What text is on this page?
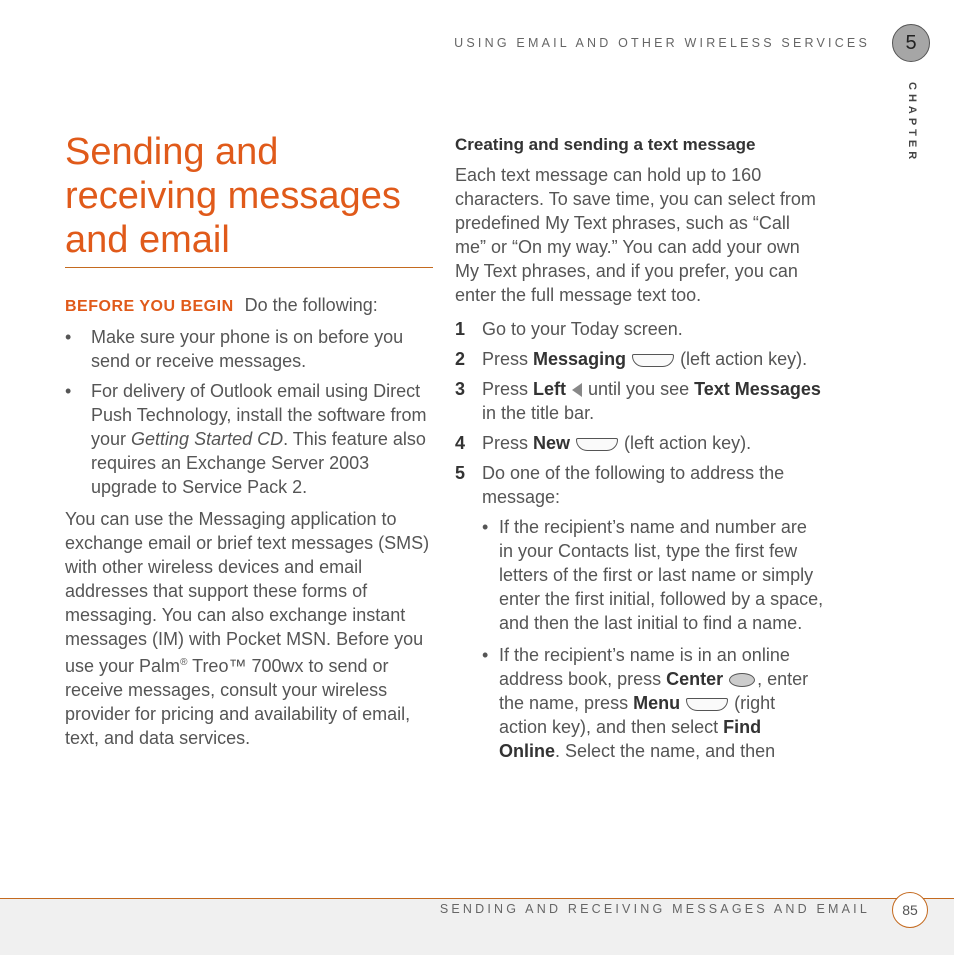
USING EMAIL AND OTHER WIRELESS SERVICES	5
CHAPTER
Sending and
receiving messages
and email

BEFORE YOU BEGIN Do the following:

• Make sure your phone is on before you send or receive messages.
• For delivery of Outlook email using Direct Push Technology, install the software from your Getting Started CD. This feature also requires an Exchange Server 2003 upgrade to Service Pack 2.

You can use the Messaging application to exchange email or brief text messages (SMS) with other wireless devices and email addresses that support these forms of messaging. You can also exchange instant messages (IM) with Pocket MSN. Before you use your Palm® Treo™ 700wx to send or receive messages, consult your wireless provider for pricing and availability of email, text, and data services.

Creating and sending a text message

Each text message can hold up to 160 characters. To save time, you can select from predefined My Text phrases, such as “Call me” or “On my way.” You can add your own My Text phrases, and if you prefer, you can enter the full message text too.

1 Go to your Today screen.
2 Press Messaging	(left action key).
3 Press Left until you see Text Messages in the title bar.
4 Press New	(left action key).
5 Do one of the following to address the message:
• If the recipient’s name and number are in your Contacts list, type the first few letters of the first or last name or simply enter the first initial, followed by a space, and then the last initial to find a name.
• If the recipient’s name is in an online address book, press Center , enter the name, press Menu	(right action key), and then select Find Online. Select the name, and then
SENDING AND RECEIVING MESSAGES AND EMAIL	85
